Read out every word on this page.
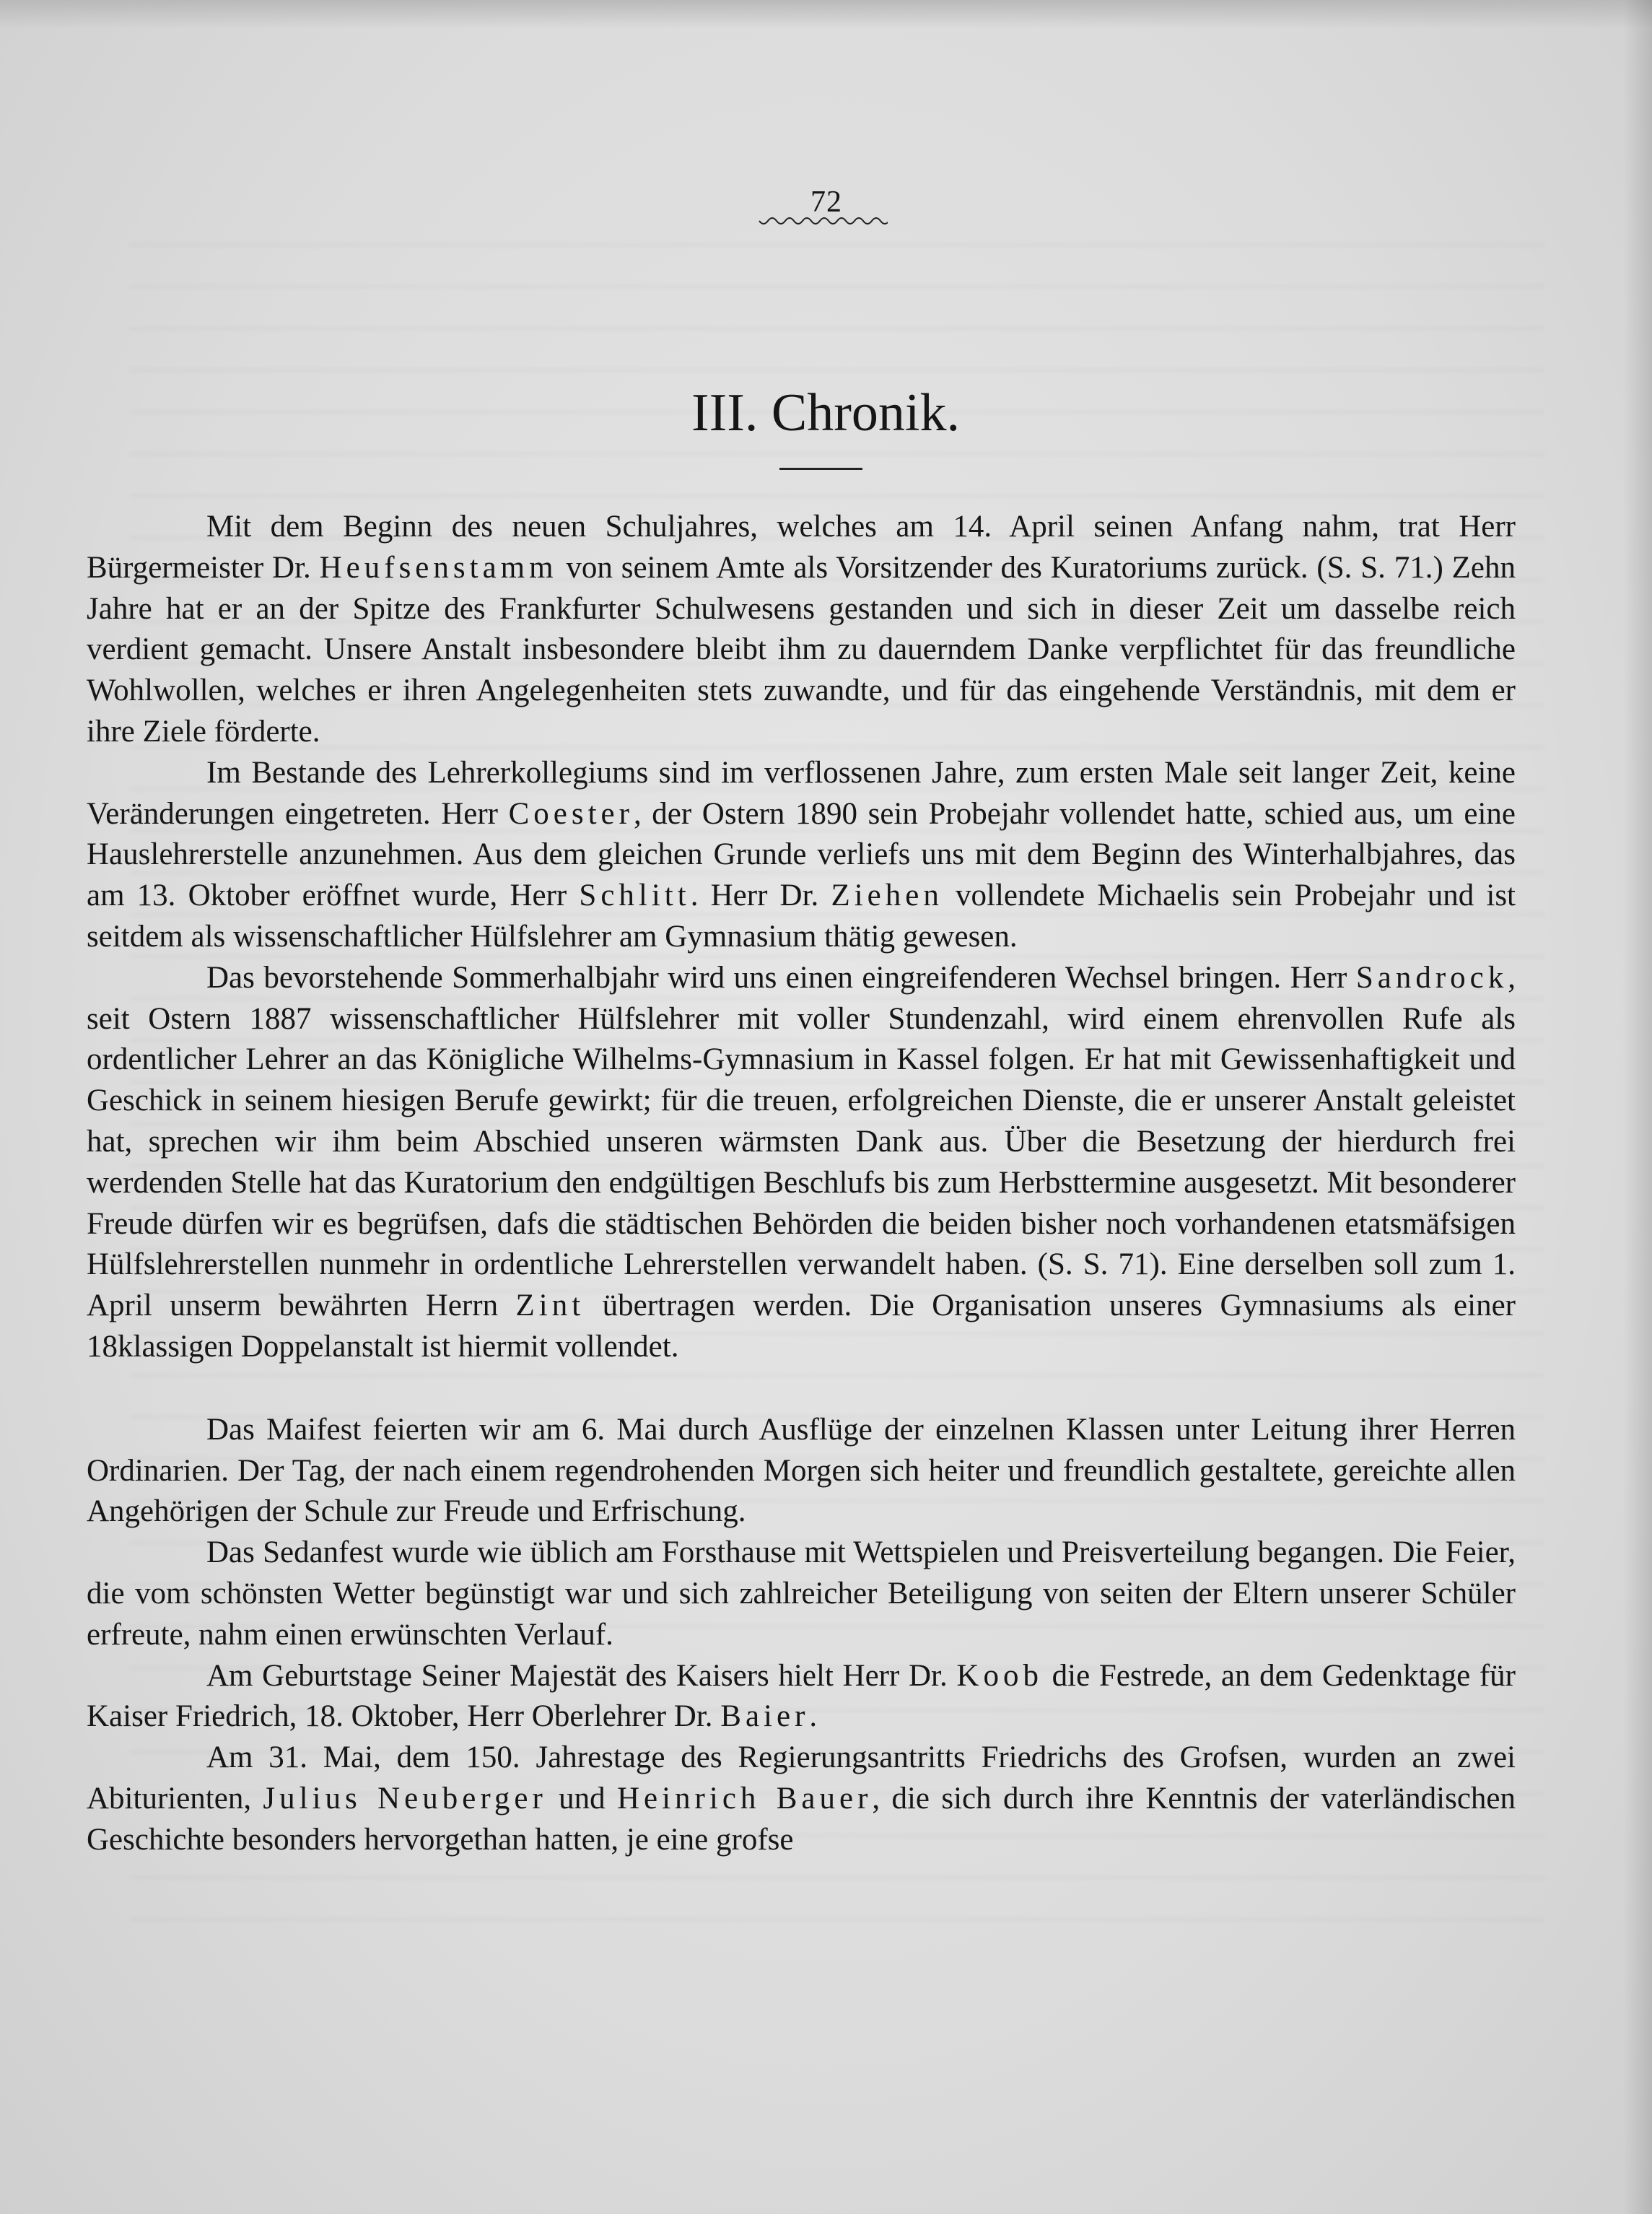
72
III. Chronik.

Mit dem Beginn des neuen Schuljahres, welches am 14. April seinen Anfang nahm, trat Herr Bürgermeister Dr. Heufsenstamm von seinem Amte als Vorsitzender des Kuratoriums zurück. (S. S. 71.) Zehn Jahre hat er an der Spitze des Frankfurter Schulwesens gestanden und sich in dieser Zeit um dasselbe reich verdient gemacht. Unsere Anstalt insbesondere bleibt ihm zu dauerndem Danke verpflichtet für das freundliche Wohlwollen, welches er ihren Angelegenheiten stets zuwandte, und für das eingehende Verständnis, mit dem er ihre Ziele förderte.

Im Bestande des Lehrerkollegiums sind im verflossenen Jahre, zum ersten Male seit langer Zeit, keine Veränderungen eingetreten. Herr Coester, der Ostern 1890 sein Probejahr vollendet hatte, schied aus, um eine Hauslehrerstelle anzunehmen. Aus dem gleichen Grunde verliefs uns mit dem Beginn des Winterhalbjahres, das am 13. Oktober eröffnet wurde, Herr Schlitt. Herr Dr. Ziehen vollendete Michaelis sein Probejahr und ist seitdem als wissenschaftlicher Hülfslehrer am Gymnasium thätig gewesen.

Das bevorstehende Sommerhalbjahr wird uns einen eingreifenderen Wechsel bringen. Herr Sandrock, seit Ostern 1887 wissenschaftlicher Hülfslehrer mit voller Stundenzahl, wird einem ehrenvollen Rufe als ordentlicher Lehrer an das Königliche Wilhelms-Gymnasium in Kassel folgen. Er hat mit Gewissenhaftigkeit und Geschick in seinem hiesigen Berufe gewirkt; für die treuen, erfolgreichen Dienste, die er unserer Anstalt geleistet hat, sprechen wir ihm beim Abschied unseren wärmsten Dank aus. Über die Besetzung der hierdurch frei werdenden Stelle hat das Kuratorium den endgültigen Beschlufs bis zum Herbsttermine ausgesetzt. Mit besonderer Freude dürfen wir es begrüfsen, dafs die städtischen Behörden die beiden bisher noch vorhandenen etatsmäfsigen Hülfslehrerstellen nunmehr in ordentliche Lehrerstellen verwandelt haben. (S. S. 71). Eine derselben soll zum 1. April unserm bewährten Herrn Zint übertragen werden. Die Organisation unseres Gymnasiums als einer 18klassigen Doppelanstalt ist hiermit vollendet.

Das Maifest feierten wir am 6. Mai durch Ausflüge der einzelnen Klassen unter Leitung ihrer Herren Ordinarien. Der Tag, der nach einem regendrohenden Morgen sich heiter und freundlich gestaltete, gereichte allen Angehörigen der Schule zur Freude und Erfrischung.

Das Sedanfest wurde wie üblich am Forsthause mit Wettspielen und Preisverteilung begangen. Die Feier, die vom schönsten Wetter begünstigt war und sich zahlreicher Beteiligung von seiten der Eltern unserer Schüler erfreute, nahm einen erwünschten Verlauf.

Am Geburtstage Seiner Majestät des Kaisers hielt Herr Dr. Koob die Festrede, an dem Gedenktage für Kaiser Friedrich, 18. Oktober, Herr Oberlehrer Dr. Baier.

Am 31. Mai, dem 150. Jahrestage des Regierungsantritts Friedrichs des Grofsen, wurden an zwei Abiturienten, Julius Neuberger und Heinrich Bauer, die sich durch ihre Kenntnis der vaterländischen Geschichte besonders hervorgethan hatten, je eine grofse
